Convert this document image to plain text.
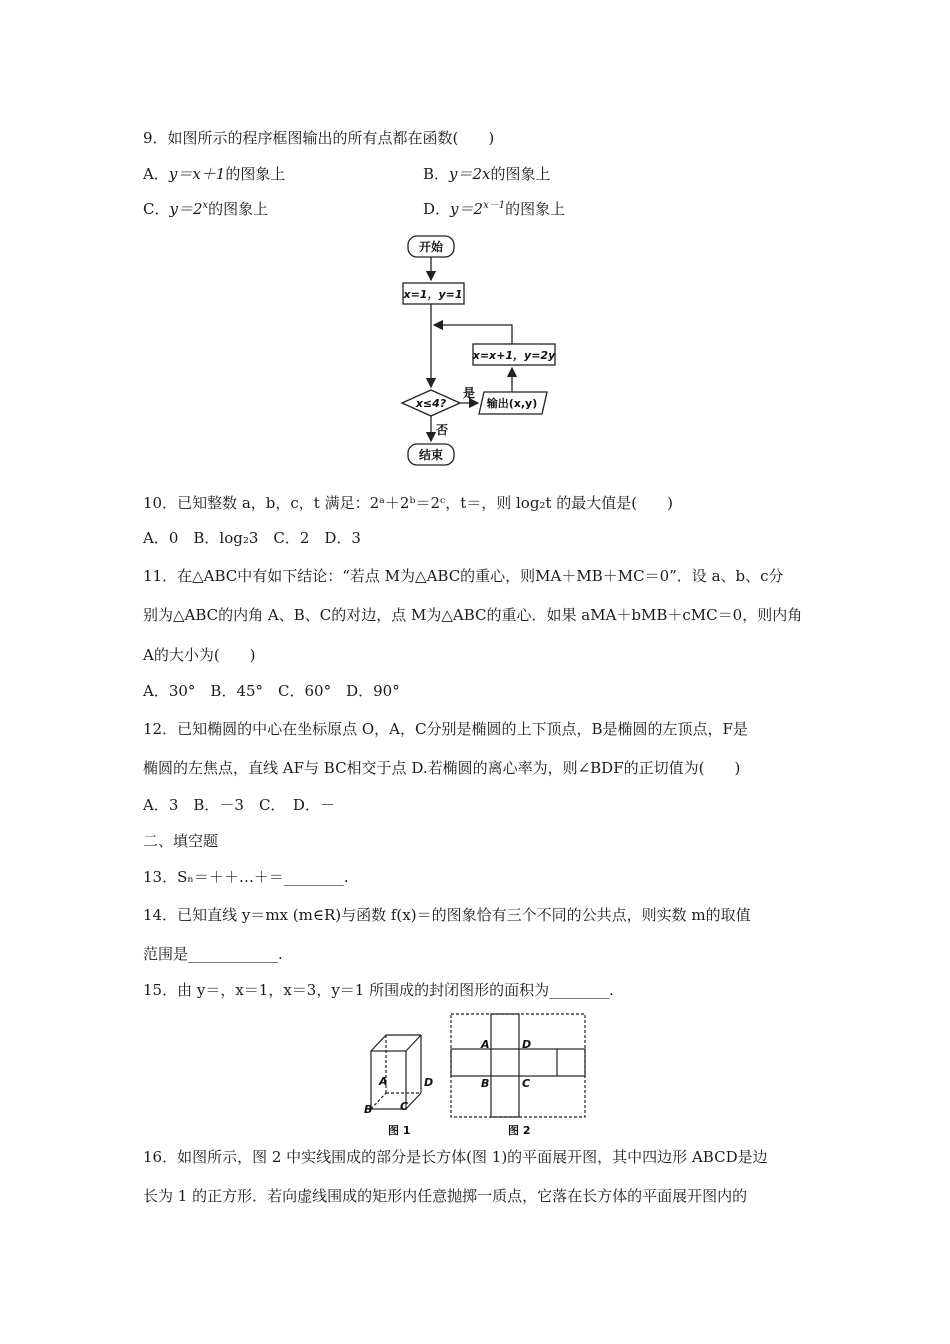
9．如图所示的程序框图输出的所有点都在函数(　　)
A．y＝x＋1的图象上	B．y＝2x的图象上
C．$y=2^x$的图象上	D．$y=2^{x-1}$的图象上
开始
x=1，y=1
x≤4?
是
输出(x,y)
x=x+1，y=2y
否
结束
10．已知整数 a，b，c，t 满足：2ᵃ＋2ᵇ＝2ᶜ，t＝，则 log₂t 的最大值是(　　)
A．0　B．log₂3　C．2　D．3
11．在△ABC中有如下结论：“若点 M为△ABC的重心，则MA＋MB＋MC＝0”．设 a、b、c分
别为△ABC的内角 A、B、C的对边，点 M为△ABC的重心．如果 aMA＋bMB＋cMC＝0，则内角
A的大小为(　　)
A．30°　B．45°　C．60°　D．90°
12．已知椭圆的中心在坐标原点 O，A，C分别是椭圆的上下顶点，B是椭圆的左顶点，F是
椭圆的左焦点，直线 AF与 BC相交于点 D.若椭圆的离心率为，则∠BDF的正切值为(　　)
A．3　B．－3　C．　D．－
二、填空题
13．Sₙ＝＋＋…＋＝________.
14．已知直线 y＝mx (m∈R)与函数 f(x)＝的图象恰有三个不同的公共点，则实数 m的取值
范围是____________.
15．由 y＝，x＝1，x＝3，y＝1 所围成的封闭图形的面积为________.
A	D
B	C
图 1
A	D
B	C
图 2
16．如图所示，图 2 中实线围成的部分是长方体(图 1)的平面展开图，其中四边形 ABCD是边
长为 1 的正方形．若向虚线围成的矩形内任意抛掷一质点，它落在长方体的平面展开图内的
